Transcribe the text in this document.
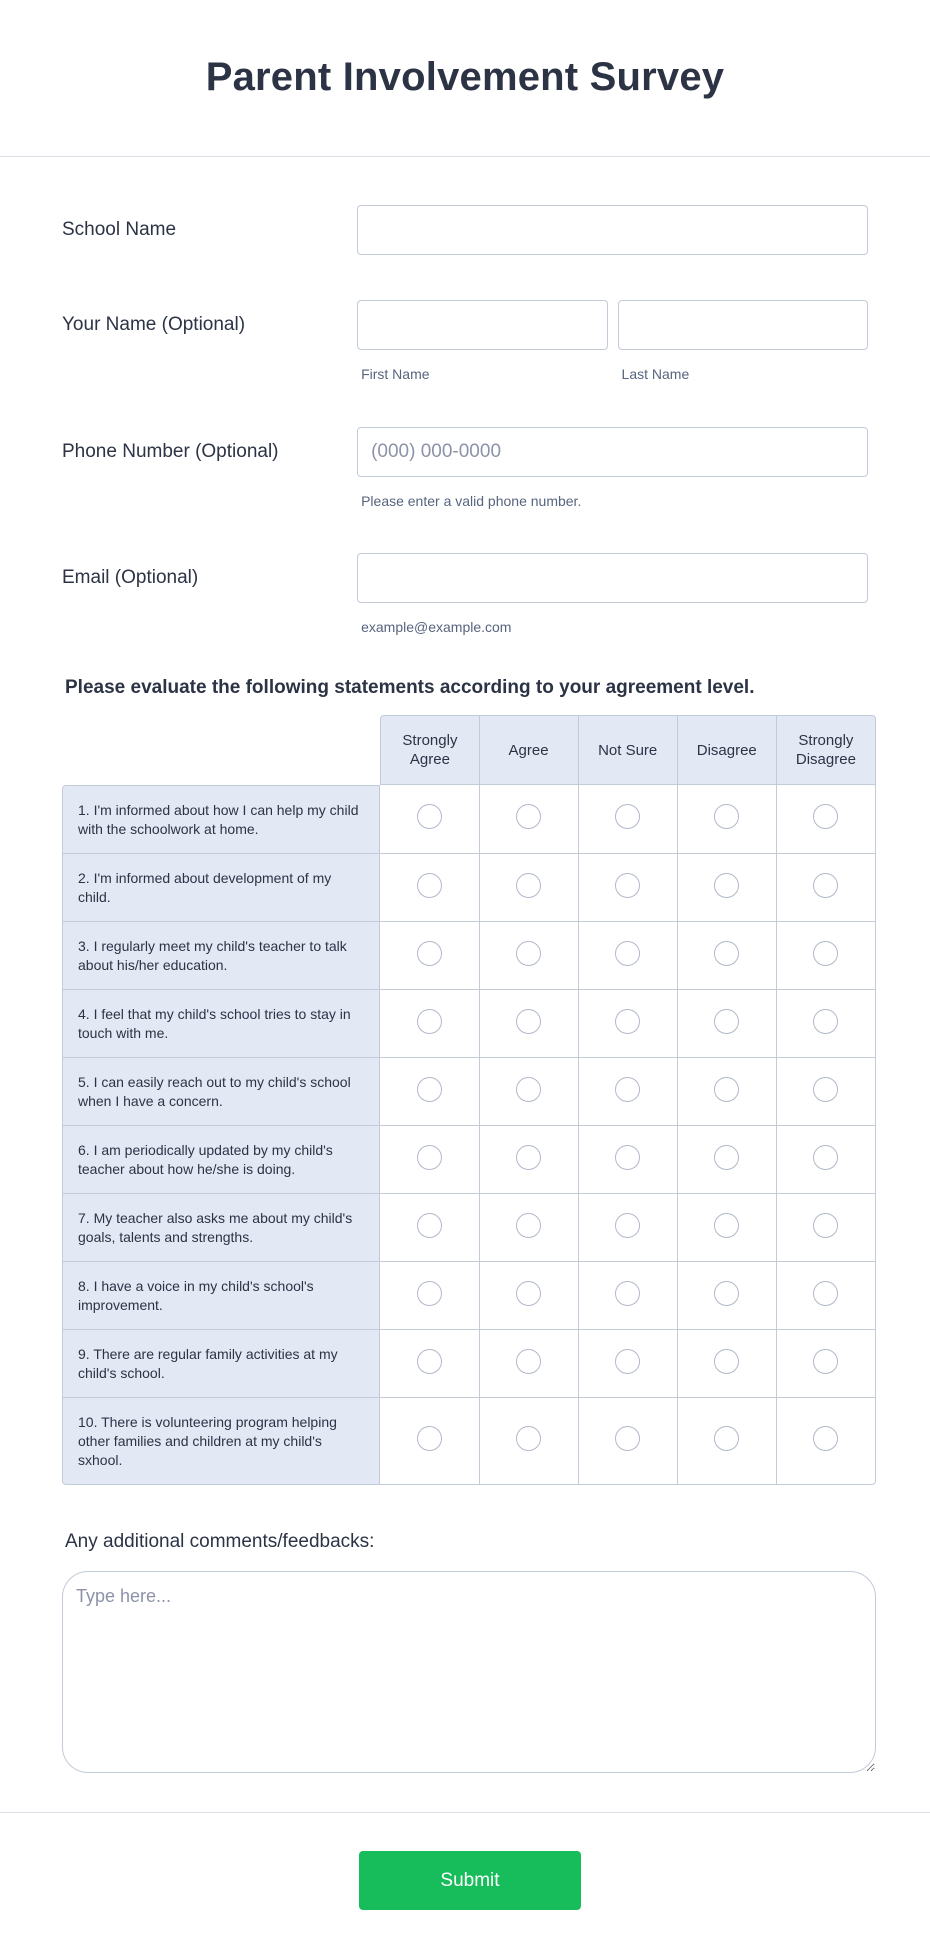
Parent Involvement Survey
School Name
Your Name (Optional)
First Name	Last Name
Phone Number (Optional)
(000) 000-0000
Please enter a valid phone number.
Email (Optional)
example@example.com
Please evaluate the following statements according to your agreement level.
	Strongly Agree	Agree	Not Sure	Disagree	Strongly Disagree
1. I'm informed about how I can help my child with the schoolwork at home.					
2. I'm informed about development of my child.					
3. I regularly meet my child's teacher to talk about his/her education.					
4. I feel that my child's school tries to stay in touch with me.					
5. I can easily reach out to my child's school when I have a concern.					
6. I am periodically updated by my child's teacher about how he/she is doing.					
7. My teacher also asks me about my child's goals, talents and strengths.					
8. I have a voice in my child's school's improvement.					
9. There are regular family activities at my child's school.					
10. There is volunteering program helping other families and children at my child's sxhool.					
Any additional comments/feedbacks:
Type here...
Submit
